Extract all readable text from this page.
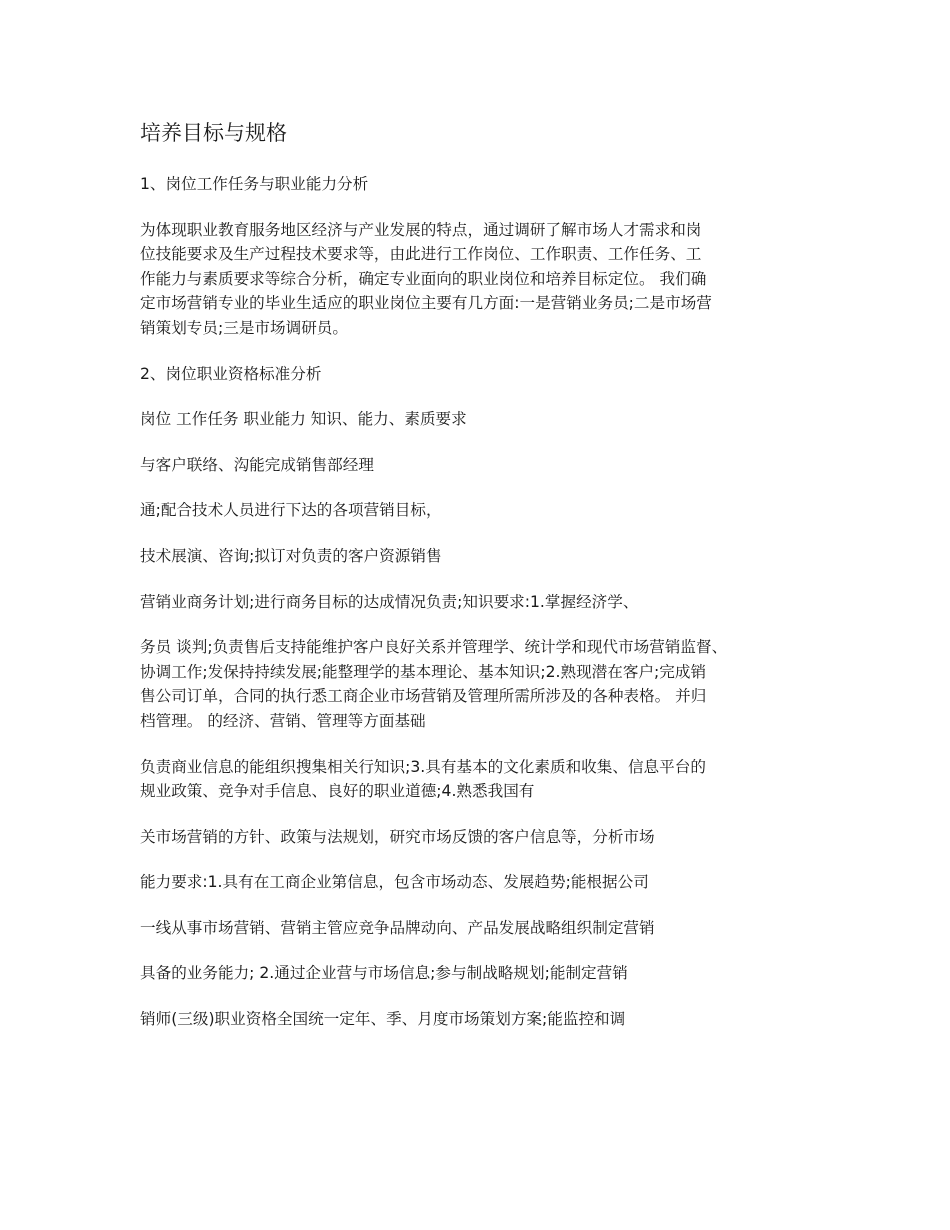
培养目标与规格

1、岗位工作任务与职业能力分析

为体现职业教育服务地区经济与产业发展的特点，通过调研了解市场人才需求和岗
位技能要求及生产过程技术要求等，由此进行工作岗位、工作职责、工作任务、工
作能力与素质要求等综合分析，确定专业面向的职业岗位和培养目标定位。 我们确
定市场营销专业的毕业生适应的职业岗位主要有几方面:一是营销业务员;二是市场营
销策划专员;三是市场调研员。

2、岗位职业资格标准分析

岗位 工作任务 职业能力 知识、能力、素质要求

与客户联络、沟能完成销售部经理

通;配合技术人员进行下达的各项营销目标，

技术展演、咨询;拟订对负责的客户资源销售

营销业商务计划;进行商务目标的达成情况负责;知识要求:1.掌握经济学、

务员 谈判;负责售后支持能维护客户良好关系并管理学、统计学和现代市场营销监督、
协调工作;发保持持续发展;能整理学的基本理论、基本知识;2.熟现潜在客户;完成销
售公司订单，合同的执行悉工商企业市场营销及管理所需所涉及的各种表格。 并归
档管理。 的经济、营销、管理等方面基础

负责商业信息的能组织搜集相关行知识;3.具有基本的文化素质和收集、信息平台的
规业政策、竞争对手信息、良好的职业道德;4.熟悉我国有

关市场营销的方针、政策与法规划，研究市场反馈的客户信息等，分析市场

能力要求:1.具有在工商企业第信息，包含市场动态、发展趋势;能根据公司

一线从事市场营销、营销主管应竞争品牌动向、产品发展战略组织制定营销

具备的业务能力; 2.通过企业营与市场信息;参与制战略规划;能制定营销

销师(三级)职业资格全国统一定年、季、月度市场策划方案;能监控和调
